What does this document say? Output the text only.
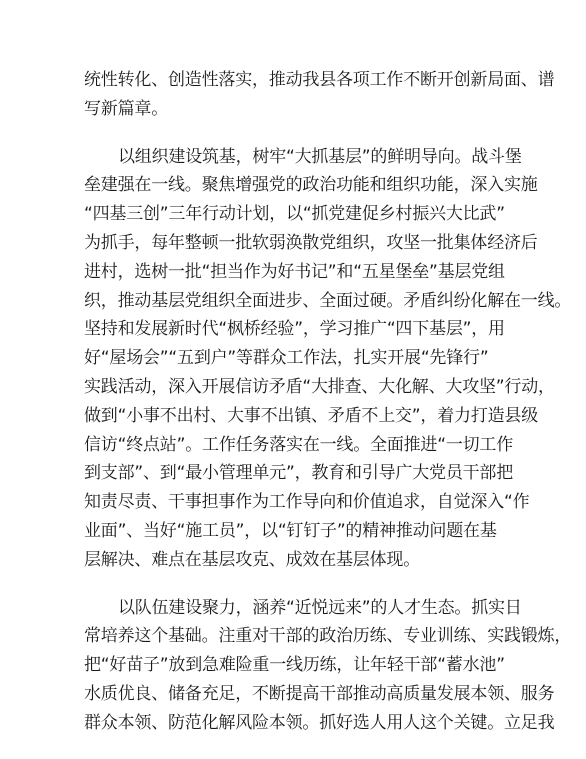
统性转化、创造性落实，推动我县各项工作不断开创新局面、谱
写新篇章。
以组织建设筑基，树牢“大抓基层”的鲜明导向。战斗堡
垒建强在一线。聚焦增强党的政治功能和组织功能，深入实施
“四基三创”三年行动计划，以“抓党建促乡村振兴大比武”
为抓手，每年整顿一批软弱涣散党组织，攻坚一批集体经济后
进村，选树一批“担当作为好书记”和“五星堡垒”基层党组
织，推动基层党组织全面进步、全面过硬。矛盾纠纷化解在一线。
坚持和发展新时代“枫桥经验”，学习推广“四下基层”，用
好“屋场会”“五到户”等群众工作法，扎实开展“先锋行”
实践活动，深入开展信访矛盾“大排查、大化解、大攻坚”行动，
做到“小事不出村、大事不出镇、矛盾不上交”，着力打造县级
信访“终点站”。工作任务落实在一线。全面推进“一切工作
到支部”、到“最小管理单元”，教育和引导广大党员干部把
知责尽责、干事担事作为工作导向和价值追求，自觉深入“作
业面”、当好“施工员”，以“钉钉子”的精神推动问题在基
层解决、难点在基层攻克、成效在基层体现。
以队伍建设聚力，涵养“近悦远来”的人才生态。抓实日
常培养这个基础。注重对干部的政治历练、专业训练、实践锻炼，
把“好苗子”放到急难险重一线历练，让年轻干部“蓄水池”
水质优良、储备充足，不断提高干部推动高质量发展本领、服务
群众本领、防范化解风险本领。抓好选人用人这个关键。立足我
